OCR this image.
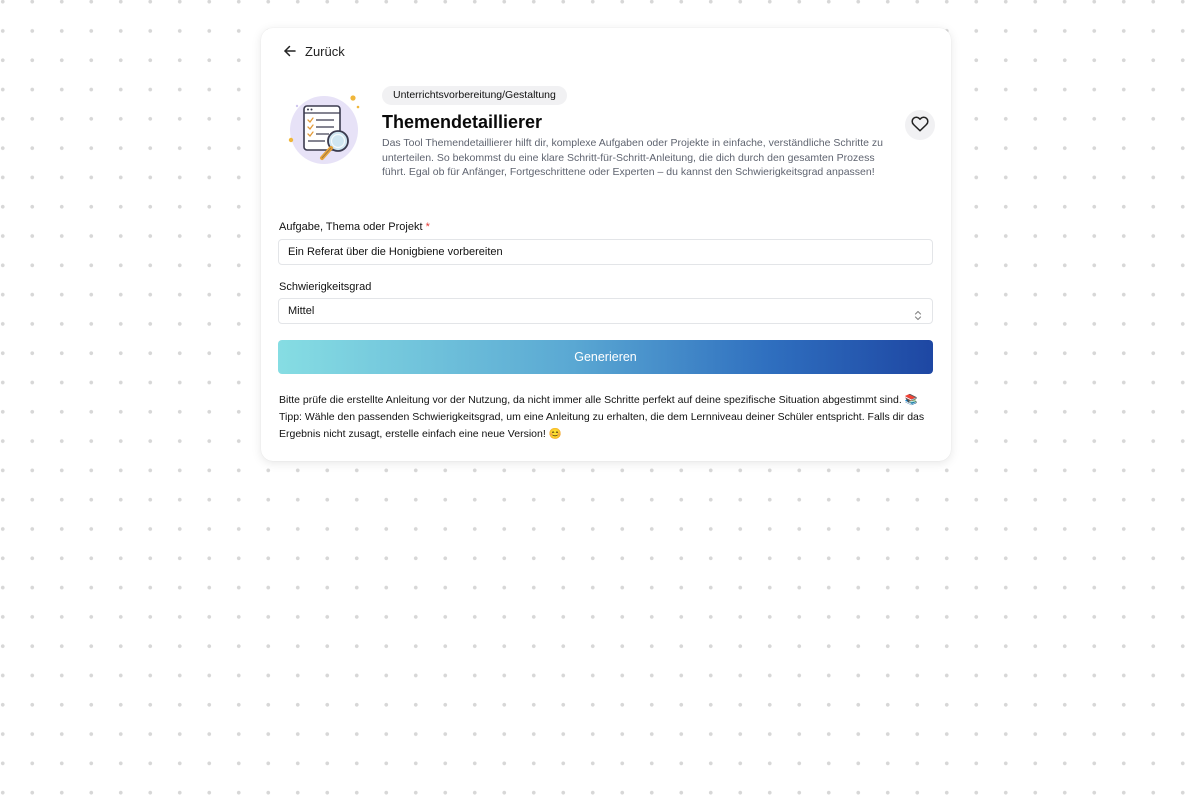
Zurück
Unterrichtsvorbereitung/Gestaltung
Themendetaillierer

Das Tool Themendetaillierer hilft dir, komplexe Aufgaben oder Projekte in einfache, verständliche Schritte zu unterteilen. So bekommst du eine klare Schritt-für-Schritt-Anleitung, die dich durch den gesamten Prozess führt. Egal ob für Anfänger, Fortgeschrittene oder Experten – du kannst den Schwierigkeitsgrad anpassen!

Aufgabe, Thema oder Projekt *
Ein Referat über die Honigbiene vorbereiten
Schwierigkeitsgrad
Mittel
Generieren

Bitte prüfe die erstellte Anleitung vor der Nutzung, da nicht immer alle Schritte perfekt auf deine spezifische Situation abgestimmt sind. 📚 Tipp: Wähle den passenden Schwierigkeitsgrad, um eine Anleitung zu erhalten, die dem Lernniveau deiner Schüler entspricht. Falls dir das Ergebnis nicht zusagt, erstelle einfach eine neue Version! 😊
